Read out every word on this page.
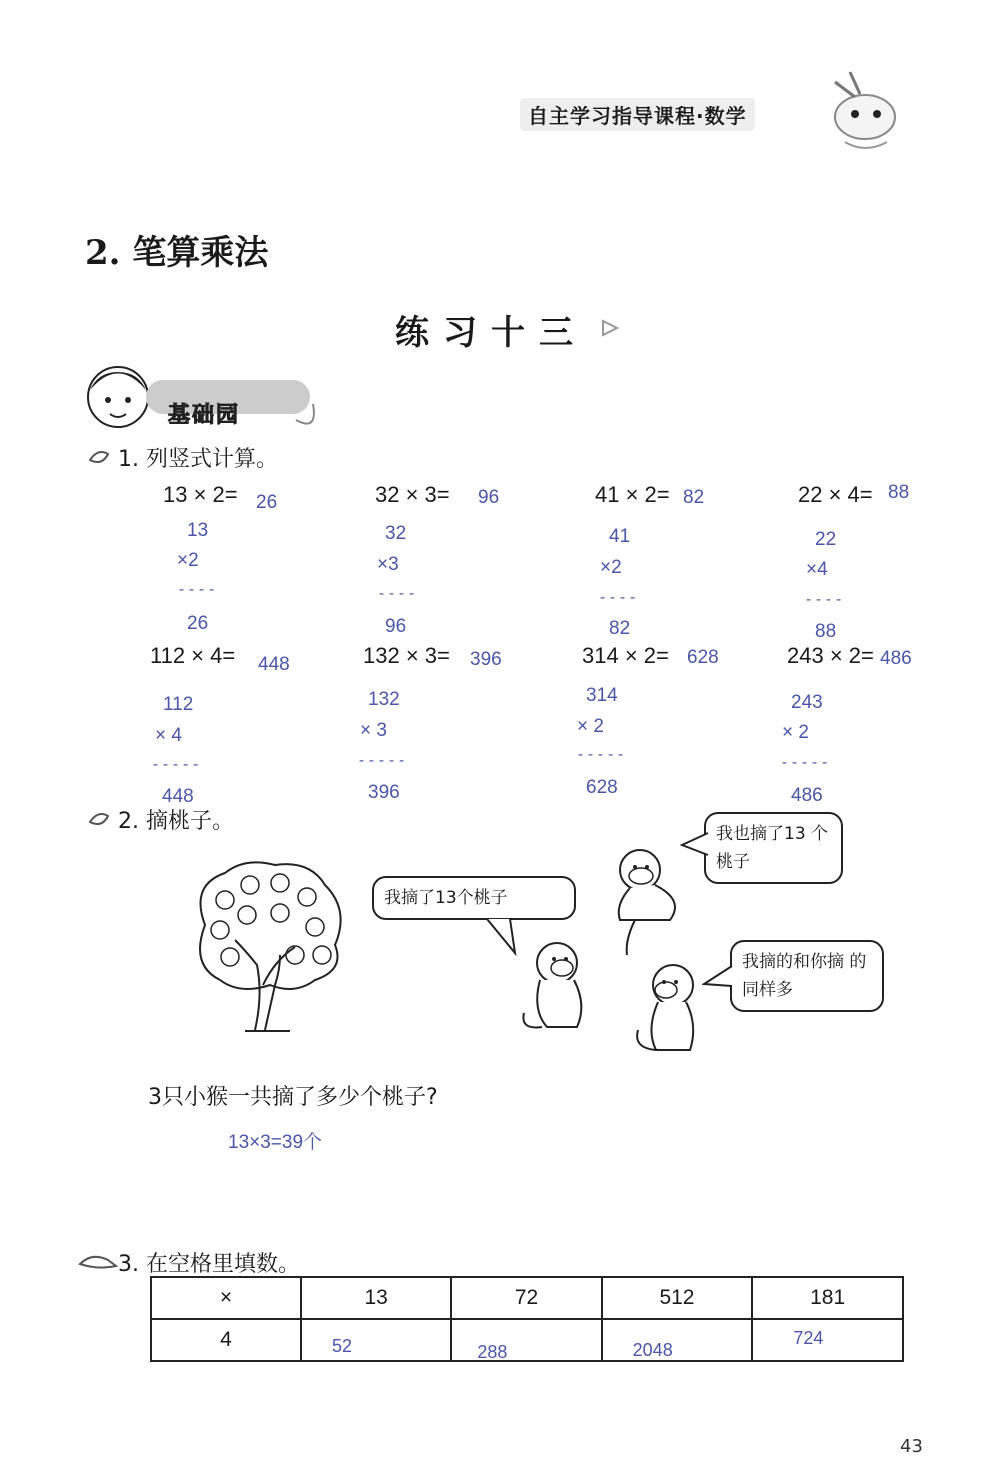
自主学习指导课程·数学
2. 笔算乘法
练习十三
基础园
1. 列竖式计算。
13 × 2= 26
13
×2
----
26
32 × 3= 96
32
×3
----
96
41 × 2= 82
41
×2
----
82
22 × 4= 88
22
×4
----
88
112 × 4= 448
112
× 4
-----
448
132 × 3= 396
132
× 3
-----
396
314 × 2= 628
314
× 2
-----
628
243 × 2= 486
243
× 2
-----
486
2. 摘桃子。
我摘了13个桃子
我也摘了13 个桃子
我摘的和你摘 的同样多
3只小猴一共摘了多少个桃子?
13×3=39个
3. 在空格里填数。
×	13	72	512	181
4	52	288	2048	724
43
